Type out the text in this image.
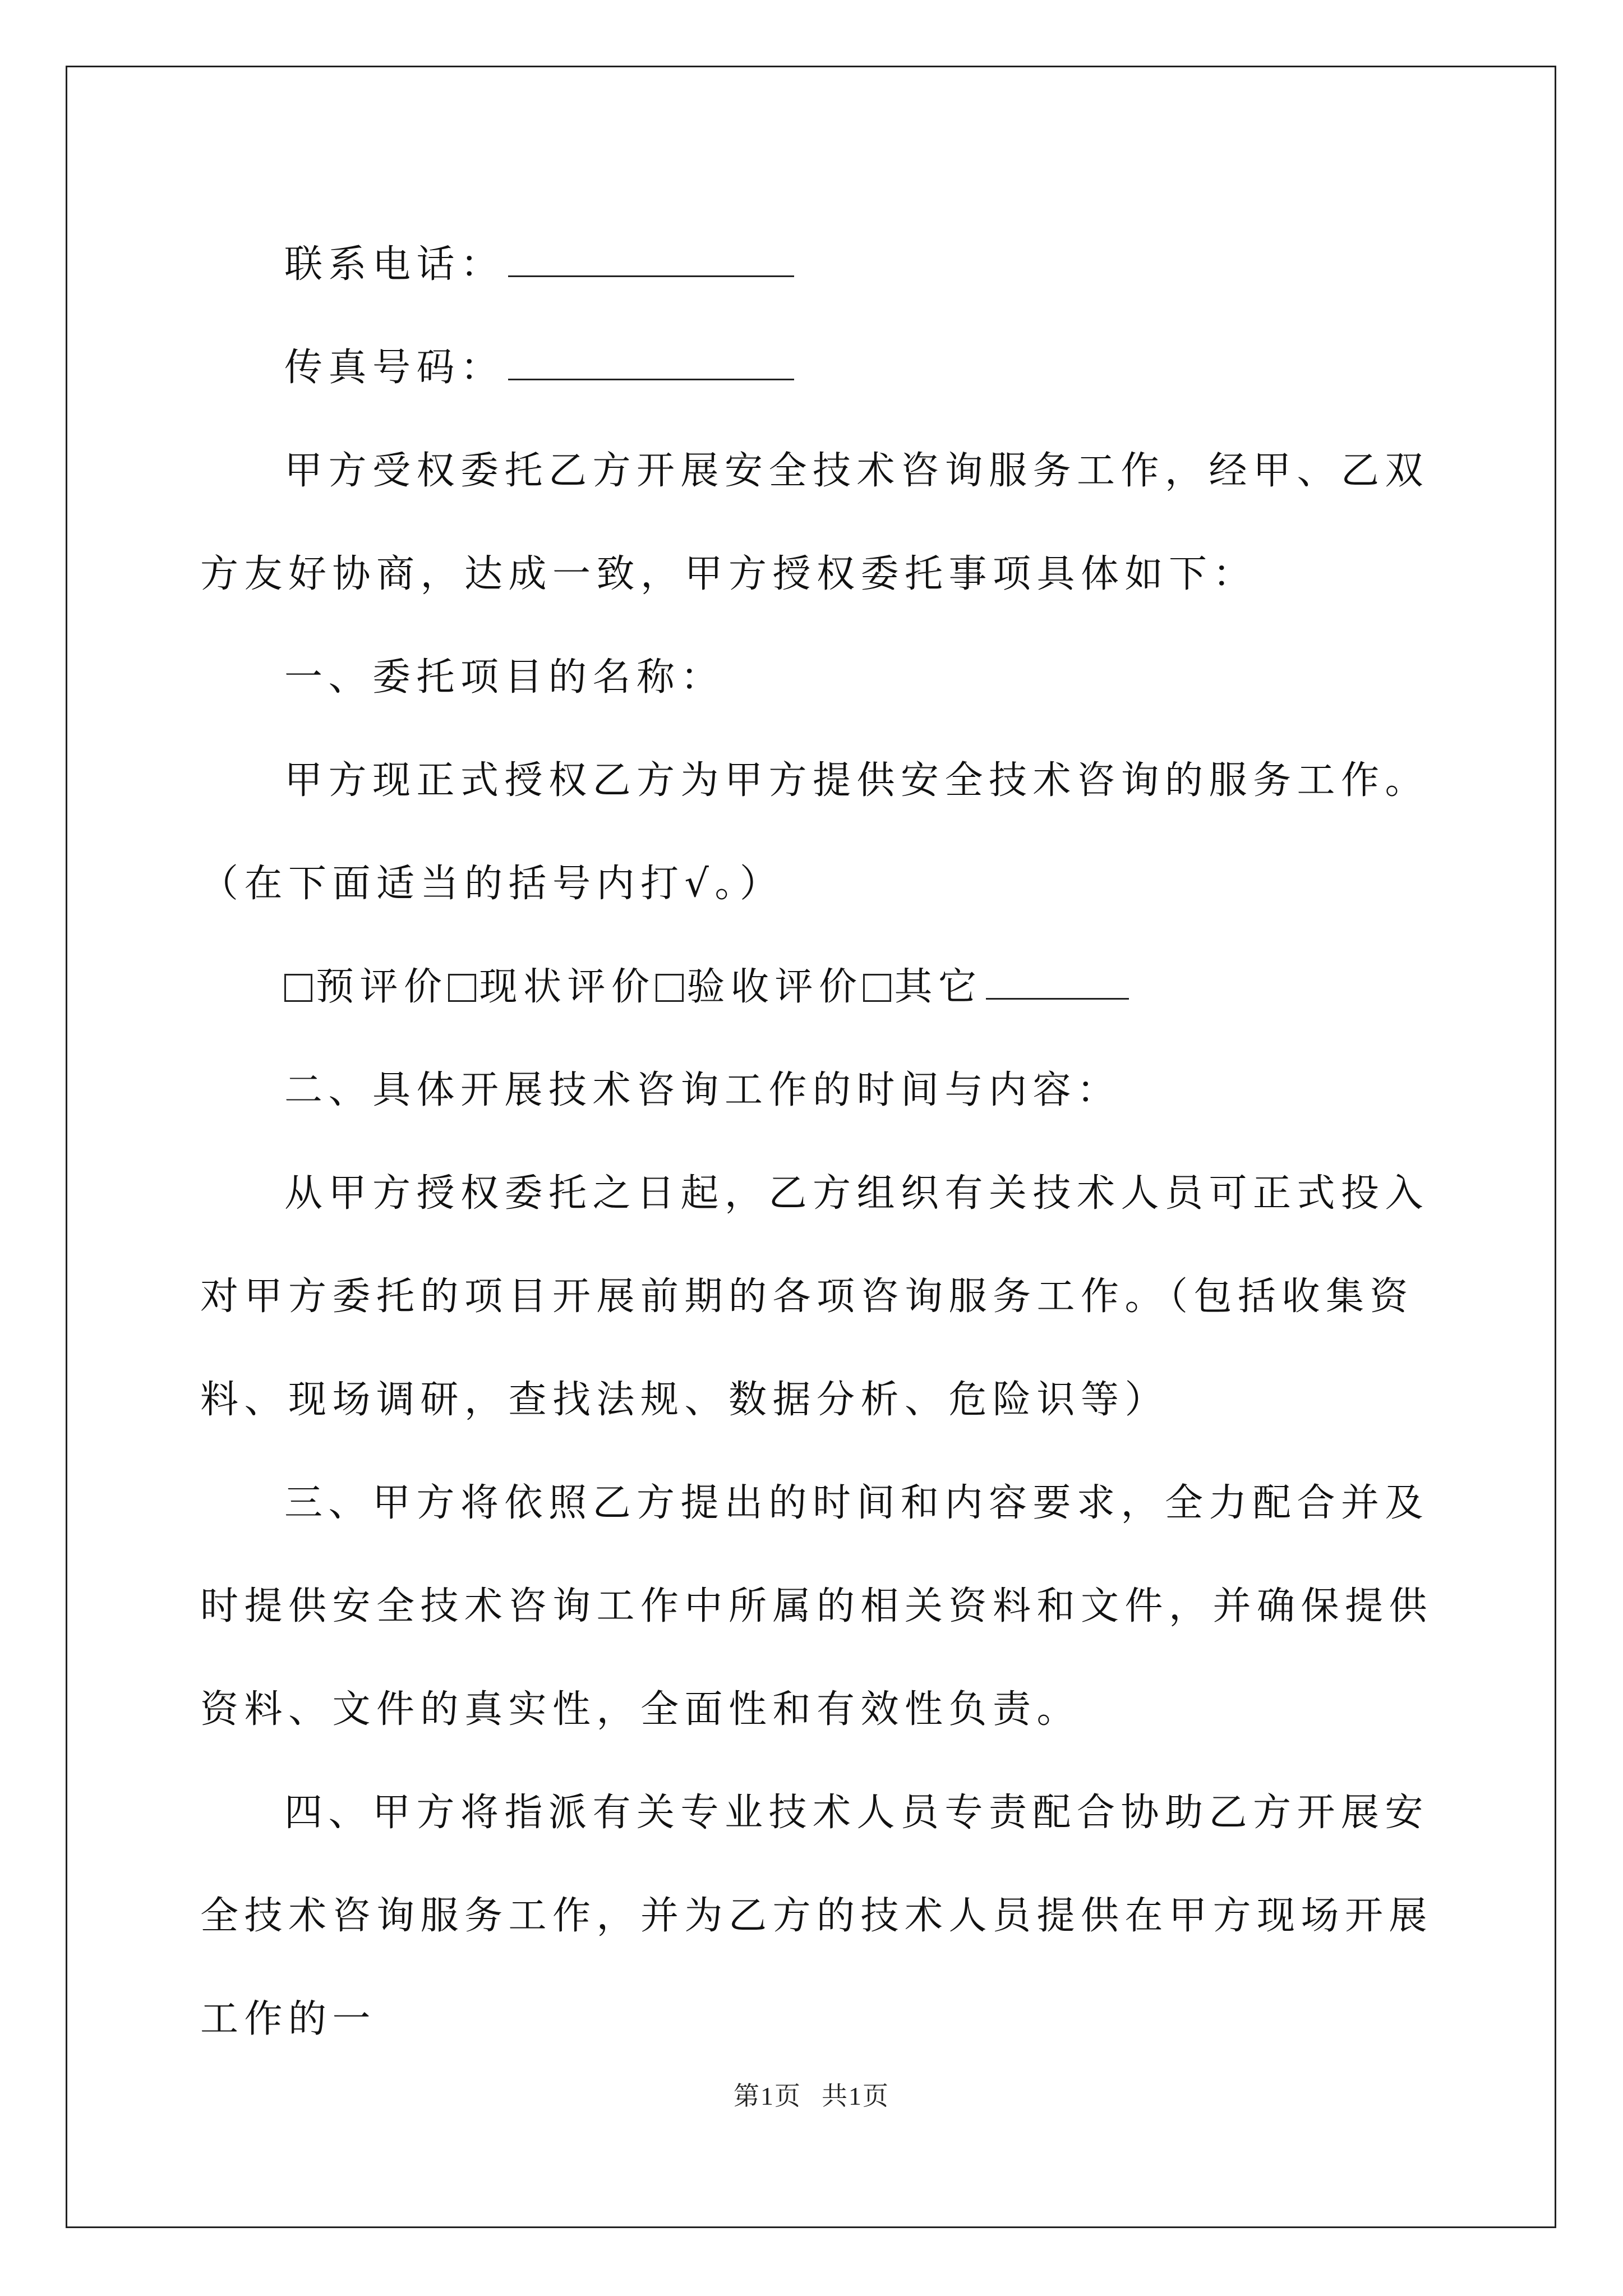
联系电话：

传真号码：

甲方受权委托乙方开展安全技术咨询服务工作，经甲、乙双方友好协商，达成一致，甲方授权委托事项具体如下：

一、委托项目的名称：

甲方现正式授权乙方为甲方提供安全技术咨询的服务工作。（在下面适当的括号内打√。）

预评价 现状评价 验收评价 其它

二、具体开展技术咨询工作的时间与内容：

从甲方授权委托之日起，乙方组织有关技术人员可正式投入对甲方委托的项目开展前期的各项咨询服务工作。（包括收集资料、现场调研，查找法规、数据分析、危险识等）

三、甲方将依照乙方提出的时间和内容要求，全力配合并及时提供安全技术咨询工作中所属的相关资料和文件，并确保提供资料、文件的真实性，全面性和有效性负责。

四、甲方将指派有关专业技术人员专责配合协助乙方开展安全技术咨询服务工作，并为乙方的技术人员提供在甲方现场开展工作的一

第1页 共1页
